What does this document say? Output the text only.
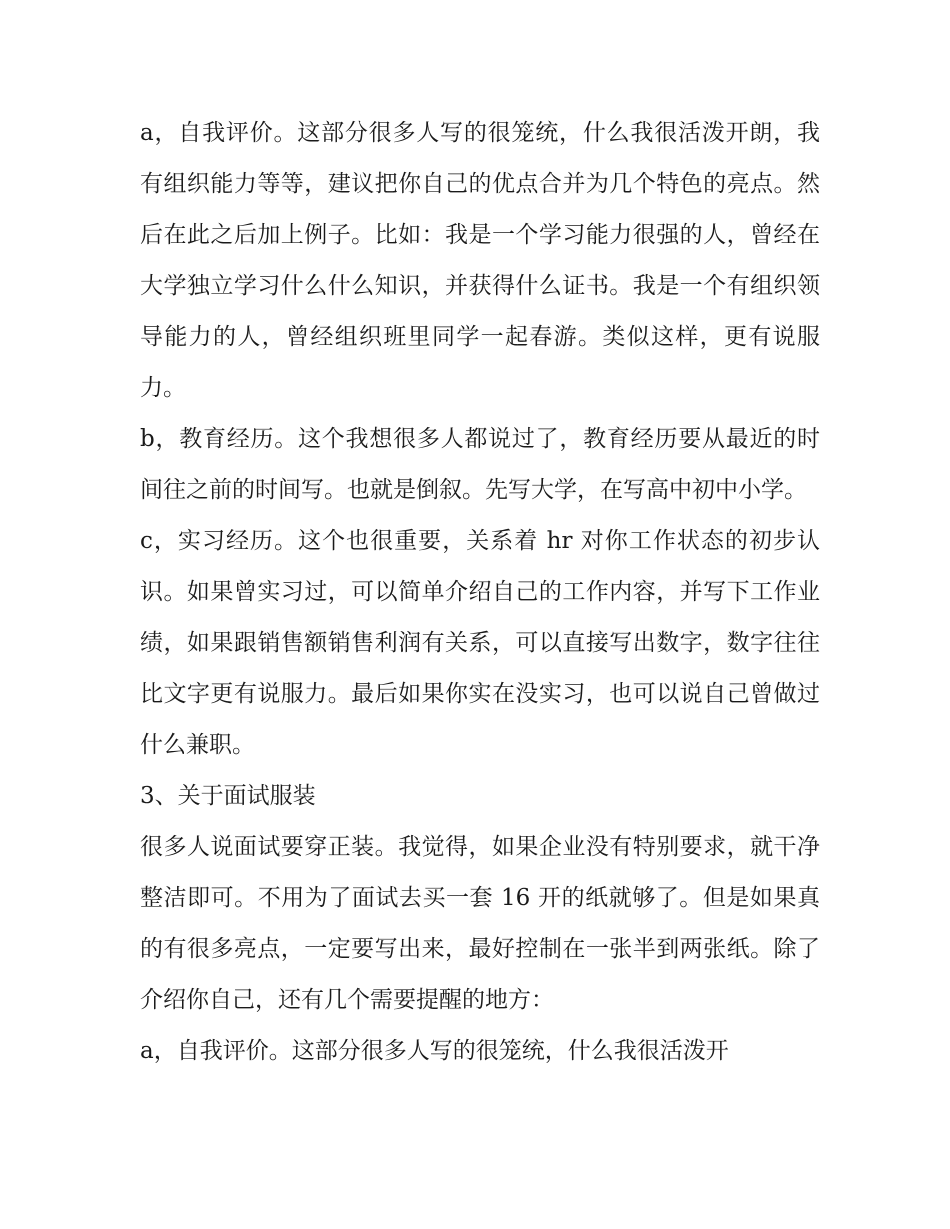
a，自我评价。这部分很多人写的很笼统，什么我很活泼开朗，我有组织能力等等，建议把你自己的优点合并为几个特色的亮点。然后在此之后加上例子。比如：我是一个学习能力很强的人，曾经在大学独立学习什么什么知识，并获得什么证书。我是一个有组织领导能力的人，曾经组织班里同学一起春游。类似这样，更有说服力。

b，教育经历。这个我想很多人都说过了，教育经历要从最近的时间往之前的时间写。也就是倒叙。先写大学，在写高中初中小学。

c，实习经历。这个也很重要，关系着 hr 对你工作状态的初步认识。如果曾实习过，可以简单介绍自己的工作内容，并写下工作业绩，如果跟销售额销售利润有关系，可以直接写出数字，数字往往比文字更有说服力。最后如果你实在没实习，也可以说自己曾做过什么兼职。

3、关于面试服装

很多人说面试要穿正装。我觉得，如果企业没有特别要求，就干净整洁即可。不用为了面试去买一套 16 开的纸就够了。但是如果真的有很多亮点，一定要写出来，最好控制在一张半到两张纸。除了介绍你自己，还有几个需要提醒的地方：

a，自我评价。这部分很多人写的很笼统，什么我很活泼开
